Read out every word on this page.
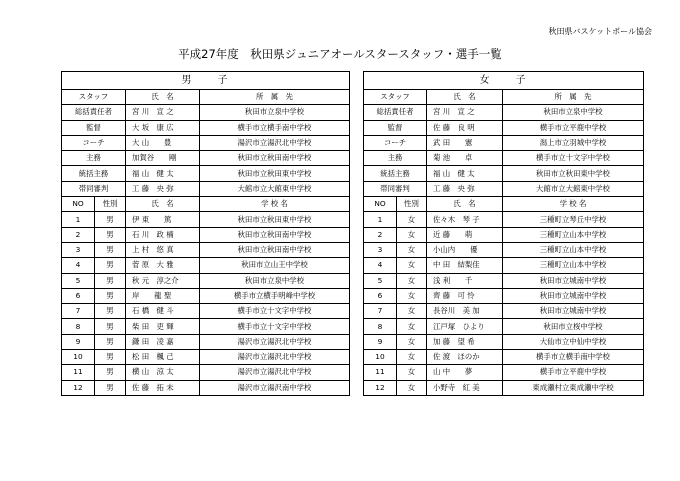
秋田県バスケットボール協会
平成27年度　秋田県ジュニアオールスタースタッフ・選手一覧
男　　子			
スタッフ		氏　名	所　属　先
総括責任者		宮 川　宣 之	秋田市立泉中学校
監督		大 坂　康 広	横手市立横手南中学校
コーチ		大 山　　豊	湯沢市立湯沢北中学校
主務		加賀谷　　剛	秋田市立秋田南中学校
統括主務		福 山　健 太	秋田市立秋田東中学校
帯同審判		工 藤　央 弥	大館市立大館東中学校
NO	性別	氏　名	学 校 名
1	男	伊 東　　篤	秋田市立秋田東中学校
2	男	石 川　政 楠	秋田市立秋田南中学校
3	男	上 村　悠 真	秋田市立秋田南中学校
4	男	菅 原　大 雅	秋田市立山王中学校
5	男	秋 元　淳之介	秋田市立泉中学校
6	男	岸　　龍 聖	横手市立横手明峰中学校
7	男	石 橋　健 斗	横手市立十文字中学校
8	男	柴 田　吏 輝	横手市立十文字中学校
9	男	鎌 田　凌 嘉	湯沢市立湯沢北中学校
10	男	松 田　楓 己	湯沢市立湯沢北中学校
11	男	横 山　涼 太	湯沢市立湯沢北中学校
12	男	佐 藤　拓 未	湯沢市立湯沢南中学校
女　　子			
スタッフ		氏　名	所　属　先
総括責任者		宮 川　宣 之	秋田市立泉中学校
監督		佐 藤　良 明	横手市立平鹿中学校
コーチ		武 田　　憲	潟上市立羽城中学校
主務		菊 池　　卓	横手市立十文字中学校
統括主務		福 山　健 太	秋田市立秋田東中学校
帯同審判		工 藤　央 弥	大館市立大館東中学校
NO	性別	氏　名	学 校 名
1	女	佐々木　琴 子	三種町立琴丘中学校
2	女	近 藤　　萌	三種町立山本中学校
3	女	小山内　　優	三種町立山本中学校
4	女	中 田　結梨佳	三種町立山本中学校
5	女	浅 利　　千	秋田市立城南中学校
6	女	齊 藤　可 怜	秋田市立城南中学校
7	女	長谷川　美 加	秋田市立城南中学校
8	女	江戸塚　ひより	秋田市立桜中学校
9	女	加 藤　望 希	大仙市立中仙中学校
10	女	佐 渡　ほのか	横手市立横手南中学校
11	女	山 中　　夢	横手市立平鹿中学校
12	女	小野寺　紅 美	東成瀬村立東成瀬中学校
